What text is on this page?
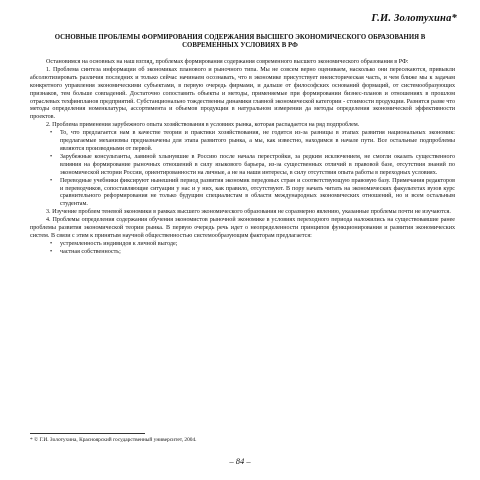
Г.И. Золотухина*
ОСНОВНЫЕ ПРОБЛЕМЫ ФОРМИРОВАНИЯ СОДЕРЖАНИЯ ВЫСШЕГО ЭКОНОМИЧЕСКОГО ОБРАЗОВАНИЯ В СОВРЕМЕННЫХ УСЛОВИЯХ В РФ

Остановимся на основных на наш взгляд, проблемах формирования содержания современного высшего экономического образования в РФ:

1. Проблема синтеза информации об экономиках планового и рыночного типа. Мы не совсем верно оцениваем, насколько они пересекаются, привыкли абсолютизировать различия последних и только сейчас начинаем осознавать, что в экономике присутствует внеисторическая часть, и чем ближе мы к задачам конкретного управления экономическими субъектами, в первую очередь фирмами, и дальше от философских оснований формаций, от системообразующих признаков, тем больше совпадений. Достаточно сопоставить объекты и методы, применяемые при формировании бизнес-планов и отношениях в прошлом отраслевых техфинпланов предприятий. Субстанционально тождественны динамики главной экономической категории - стоимости продукции. Разнятся разве что методы определения номенклатуры, ассортимента и объемов продукции в натуральном измерении да методы определения экономической эффективности проектов.

2. Проблема применения зарубежного опыта хозяйствования в условиях рынка, которая распадается на ряд подпроблем.

• То, что предлагается нам в качестве теории и практики хозяйствования, не годится из-за разницы в этапах развития национальных экономик: предлагаемые механизмы предназначены для этапа развитого рынка, а мы, как известно, находимся в начале пути. Все остальные подпроблемы являются производными от первой.
• Зарубежные консультанты, лавиной хлынувшие в Россию после начала перестройки, за редким исключением, не смогли оказать существенного влияния на формирование рыночных отношений в силу языкового барьера, из-за существенных отличий в правовой базе, отсутствия знаний по экономической истории России, ориентированности на личные, а не на наши интересы, в силу отсутствия опыта работы в переходных условиях.
• Переводные учебники фиксируют нынешний период развития экономик передовых стран и соответствующую правовую базу. Примечания редакторов и переводчиков, сопоставляющие ситуации у нас и у них, как правило, отсутствуют. В пору начать читать на экономических факультетах вузов курс сравнительного реформирования не только будущим специалистам в области международных экономических отношений, но и всем остальным студентам.

3. Изучение проблем теневой экономики в рамках высшего экономического образования не соразмерно явлению, указанные проблемы почти не изучаются.

4. Проблемы определения содержания обучения экономистов рыночной экономике в условиях переходного периода наложились на существовавшие ранее проблемы развития экономической теории рынка. В первую очередь речь идет о неопределенности принципов функционирования и развития экономических систем. В связи с этим к принятым научной общественностью системообразующим факторам предлагается:

• устремленность индивидов к личной выгоде;
• частная собственность;
* © Г.И. Золотухина, Красноярский государственный университет, 2004.
– 84 –
